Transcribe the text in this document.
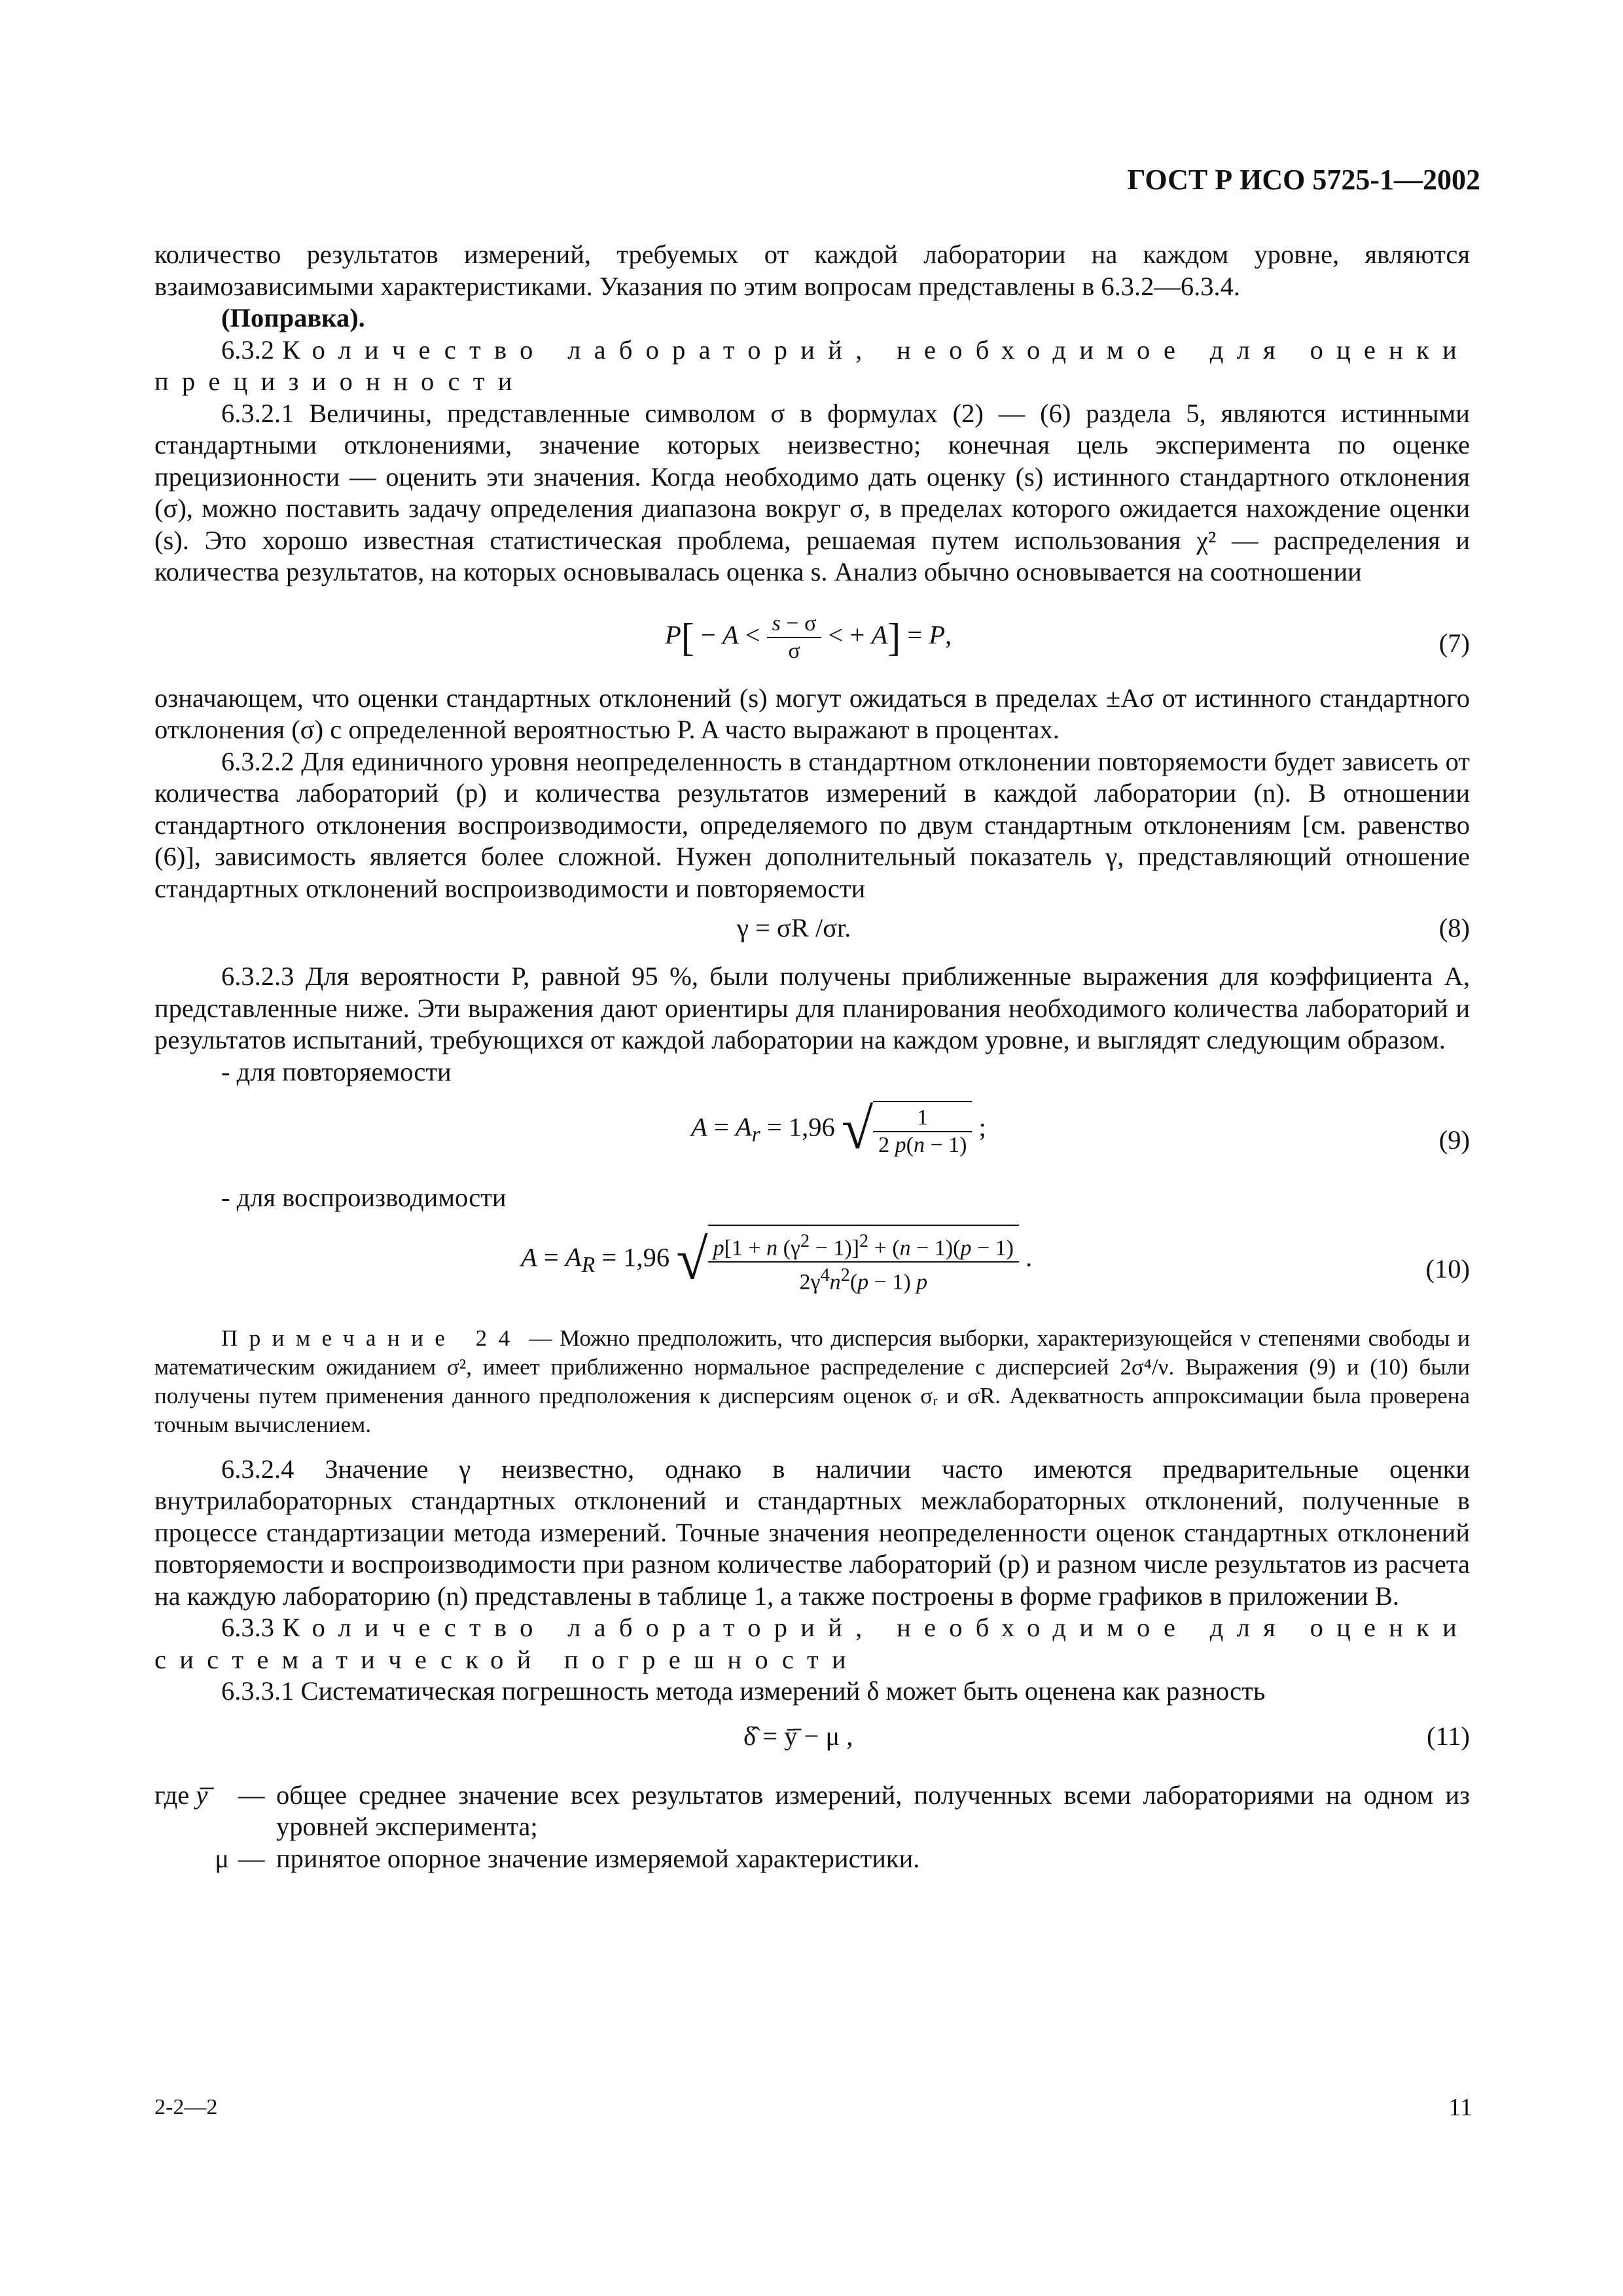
ГОСТ Р ИСО 5725-1—2002

количество результатов измерений, требуемых от каждой лаборатории на каждом уровне, являются взаимозависимыми характеристиками. Указания по этим вопросам представлены в 6.3.2—6.3.4.

(Поправка).

6.3.2 Количество лабораторий, необходимое для оценки прецизионности

6.3.2.1 Величины, представленные символом σ в формулах (2) — (6) раздела 5, являются истинными стандартными отклонениями, значение которых неизвестно; конечная цель эксперимента по оценке прецизионности — оценить эти значения. Когда необходимо дать оценку (s) истинного стандартного отклонения (σ), можно поставить задачу определения диапазона вокруг σ, в пределах которого ожидается нахождение оценки (s). Это хорошо известная статистическая проблема, решаемая путем использования χ² — распределения и количества результатов, на которых основывалась оценка s. Анализ обычно основывается на соотношении

$P[ - A < \frac{s - \sigma}{\sigma}$ < + A] = P,	(7)

означающем, что оценки стандартных отклонений (s) могут ожидаться в пределах ±Aσ от истинного стандартного отклонения (σ) с определенной вероятностью P. A часто выражают в процентах.

6.3.2.2 Для единичного уровня неопределенность в стандартном отклонении повторяемости будет зависеть от количества лабораторий (p) и количества результатов измерений в каждой лаборатории (n). В отношении стандартного отклонения воспроизводимости, определяемого по двум стандартным отклонениям [см. равенство (6)], зависимость является более сложной. Нужен дополнительный показатель γ, представляющий отношение стандартных отклонений воспроизводимости и повторяемости

γ = σR /σr.	(8)

6.3.2.3 Для вероятности P, равной 95 %, были получены приближенные выражения для коэффициента A, представленные ниже. Эти выражения дают ориентиры для планирования необходимого количества лабораторий и результатов испытаний, требующихся от каждой лаборатории на каждом уровне, и выглядят следующим образом.

- для повторяемости

$A = A_r = 1,96$ √ $\frac{1}{2 p(n - 1)}$ ;	(9)

- для воспроизводимости

$A = A_R = 1,96$ √ $\frac{p[1 + n (\gamma^2 - 1)]^2 + (n - 1)(p - 1)}{2\gamma^4n^2(p - 1) p}$ .	(10)

Примечание 24 — Можно предположить, что дисперсия выборки, характеризующейся ν степенями свободы и математическим ожиданием σ², имеет приближенно нормальное распределение с дисперсией 2σ⁴/ν. Выражения (9) и (10) были получены путем применения данного предположения к дисперсиям оценок σᵣ и σR. Адекватность аппроксимации была проверена точным вычислением.

6.3.2.4 Значение γ неизвестно, однако в наличии часто имеются предварительные оценки внутрилабораторных стандартных отклонений и стандартных межлабораторных отклонений, полученные в процессе стандартизации метода измерений. Точные значения неопределенности оценок стандартных отклонений повторяемости и воспроизводимости при разном количестве лабораторий (p) и разном числе результатов из расчета на каждую лабораторию (n) представлены в таблице 1, а также построены в форме графиков в приложении В.

6.3.3 Количество лабораторий, необходимое для оценки систематической погрешности

6.3.3.1 Систематическая погрешность метода измерений δ может быть оценена как разность

δ̂ = ȳ̄ − μ ,	(11)
где ȳ̄	— общее среднее значение всех результатов измерений, полученных всеми лабораториями на одном из уровней эксперимента;
μ — принятое опорное значение измеряемой характеристики.
2-2—2	11
